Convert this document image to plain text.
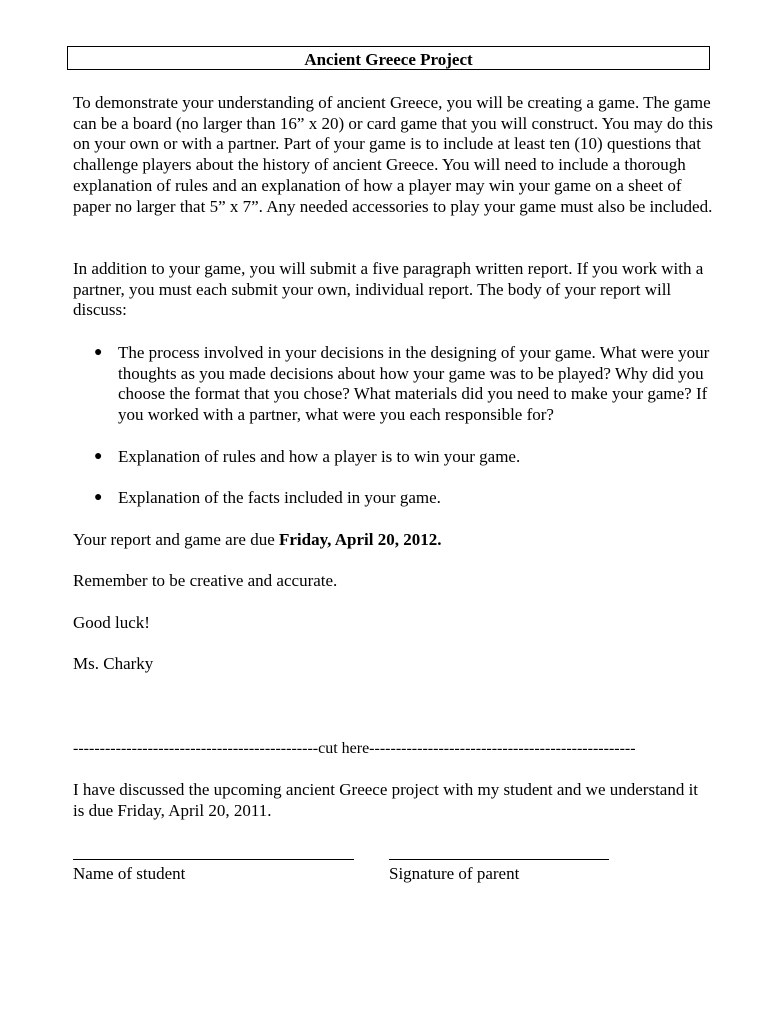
Ancient Greece Project

To demonstrate your understanding of ancient Greece, you will be creating a game. The game can be a board (no larger than 16” x 20) or card game that you will construct. You may do this on your own or with a partner. Part of your game is to include at least ten (10) questions that challenge players about the history of ancient Greece. You will need to include a thorough explanation of rules and an explanation of how a player may win your game on a sheet of paper no larger that 5” x 7”. Any needed accessories to play your game must also be included.

In addition to your game, you will submit a five paragraph written report. If you work with a partner, you must each submit your own, individual report. The body of your report will discuss:

● The process involved in your decisions in the designing of your game. What were your thoughts as you made decisions about how your game was to be played? Why did you choose the format that you chose? What materials did you need to make your game? If you worked with a partner, what were you each responsible for?
● Explanation of rules and how a player is to win your game.
● Explanation of the facts included in your game.

Your report and game are due Friday, April 20, 2012.

Remember to be creative and accurate.

Good luck!

Ms. Charky

----------------------------------------------cut here--------------------------------------------------

I have discussed the upcoming ancient Greece project with my student and we understand it is due Friday, April 20, 2011.

Name of student	Signature of parent
